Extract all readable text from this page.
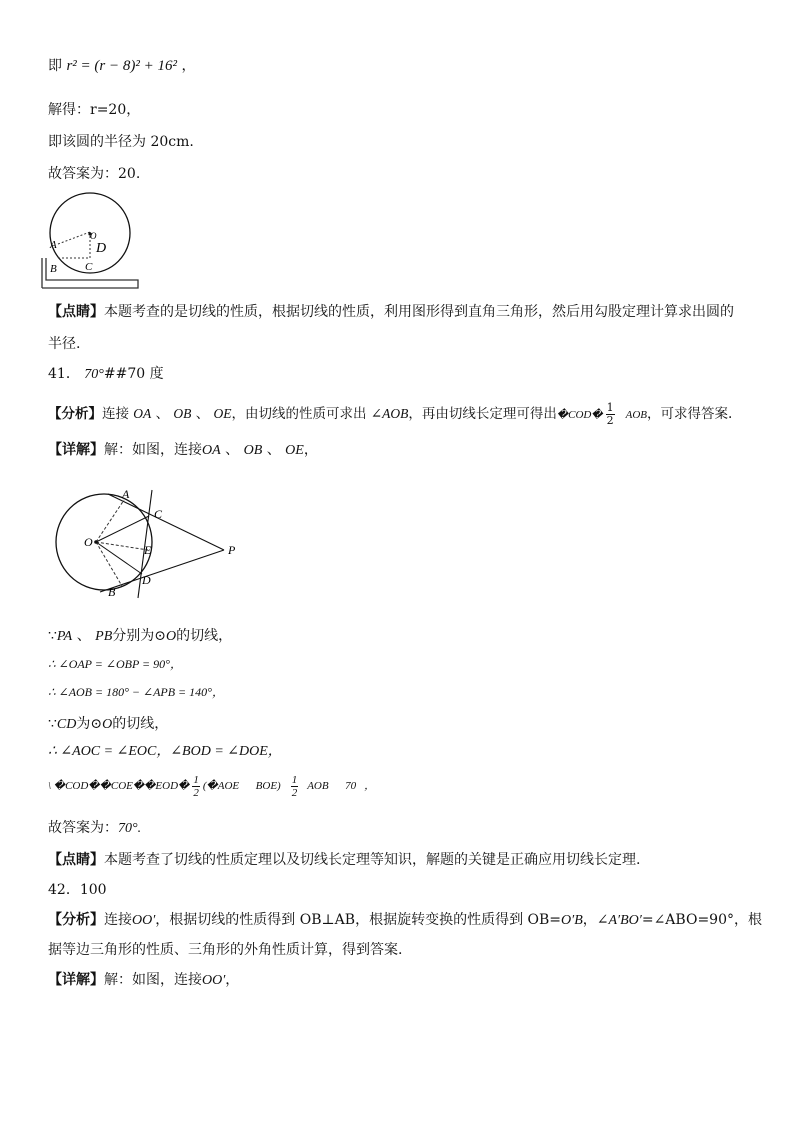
即 r² = (r − 8)² + 16² ，
解得：r=20，
即该圆的半径为 20cm.
故答案为：20.
A
B	C
D
O
【点睛】本题考查的是切线的性质，根据切线的性质，利用图形得到直角三角形，然后用勾股定理计算求出圆的
半径.
41． 70°##70 度
【分析】连接 OA 、 OB 、 OE，由切线的性质可求出 ∠AOB，再由切线长定理可得出�COD� $\frac{1}{2}$ AOB，可求得答案.
【详解】解：如图，连接OA 、 OB 、 OE，
A
C
O
E	P
D
B
∵PA 、 PB分别为⊙O的切线，
∴ ∠OAP = ∠OBP = 90°，
∴ ∠AOB = 180° − ∠APB = 140°，
∵CD为⊙O的切线，
∴ ∠AOC = ∠EOC，∠BOD = ∠DOE，
\ �COD��COE��EOD� $\frac{1}{2}$ (�AOE      $BOE) \frac{1}{2}$ AOB      70 ，
故答案为：70°.
【点睛】本题考查了切线的性质定理以及切线长定理等知识，解题的关键是正确应用切线长定理.
42．100
【分析】连接OO′，根据切线的性质得到 OB⊥AB，根据旋转变换的性质得到 OB=O′B，∠A′BO′=∠ABO=90°，根
据等边三角形的性质、三角形的外角性质计算，得到答案.
【详解】解：如图，连接OO′，
